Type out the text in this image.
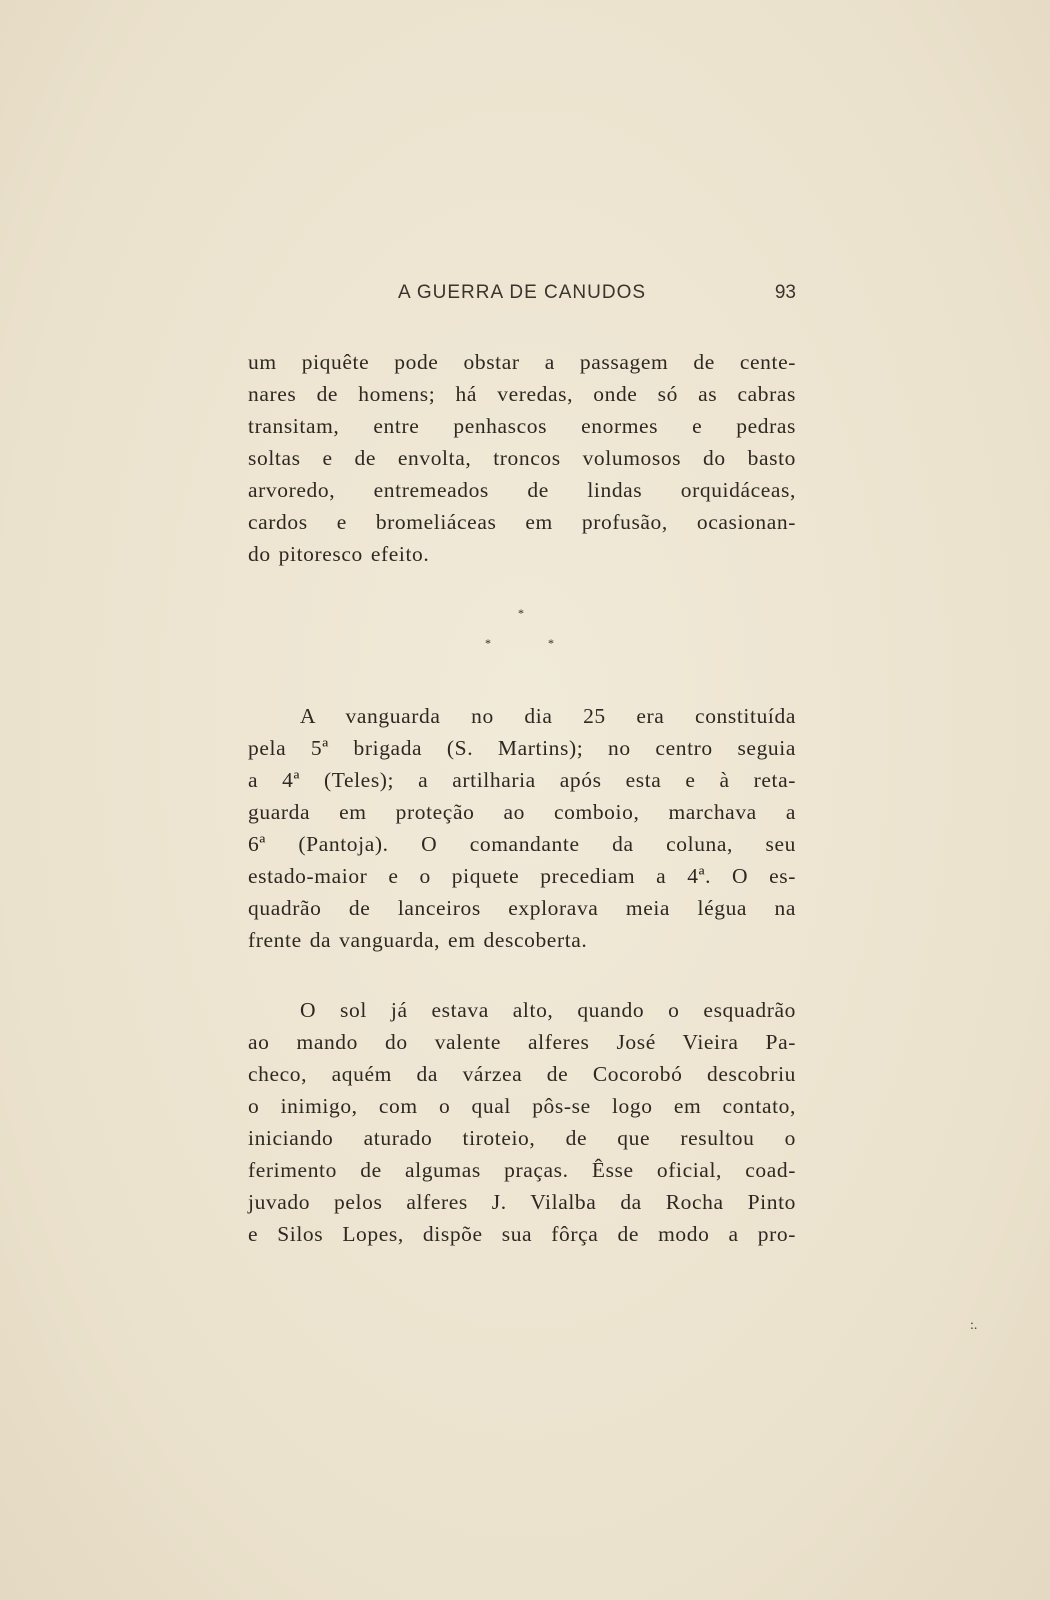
A GUERRA DE CANUDOS	93
um piquête pode obstar a passagem de cente-
nares de homens; há veredas, onde só as cabras
transitam, entre penhascos enormes e pedras
soltas e de envolta, troncos volumosos do basto
arvoredo, entremeados de lindas orquidáceas,
cardos e bromeliáceas em profusão, ocasionan-
do pitoresco efeito.
*
*	*
A vanguarda no dia 25 era constituída
pela 5ª brigada (S. Martins); no centro seguia
a 4ª (Teles); a artilharia após esta e à reta-
guarda em proteção ao comboio, marchava a
6ª (Pantoja). O comandante da coluna, seu
estado-maior e o piquete precediam a 4ª. O es-
quadrão de lanceiros explorava meia légua na
frente da vanguarda, em descoberta.
O sol já estava alto, quando o esquadrão
ao mando do valente alferes José Vieira Pa-
checo, aquém da várzea de Cocorobó descobriu
o inimigo, com o qual pôs-se logo em contato,
iniciando aturado tiroteio, de que resultou o
ferimento de algumas praças. Êsse oficial, coad-
juvado pelos alferes J. Vilalba da Rocha Pinto
e Silos Lopes, dispõe sua fôrça de modo a pro-
:.
